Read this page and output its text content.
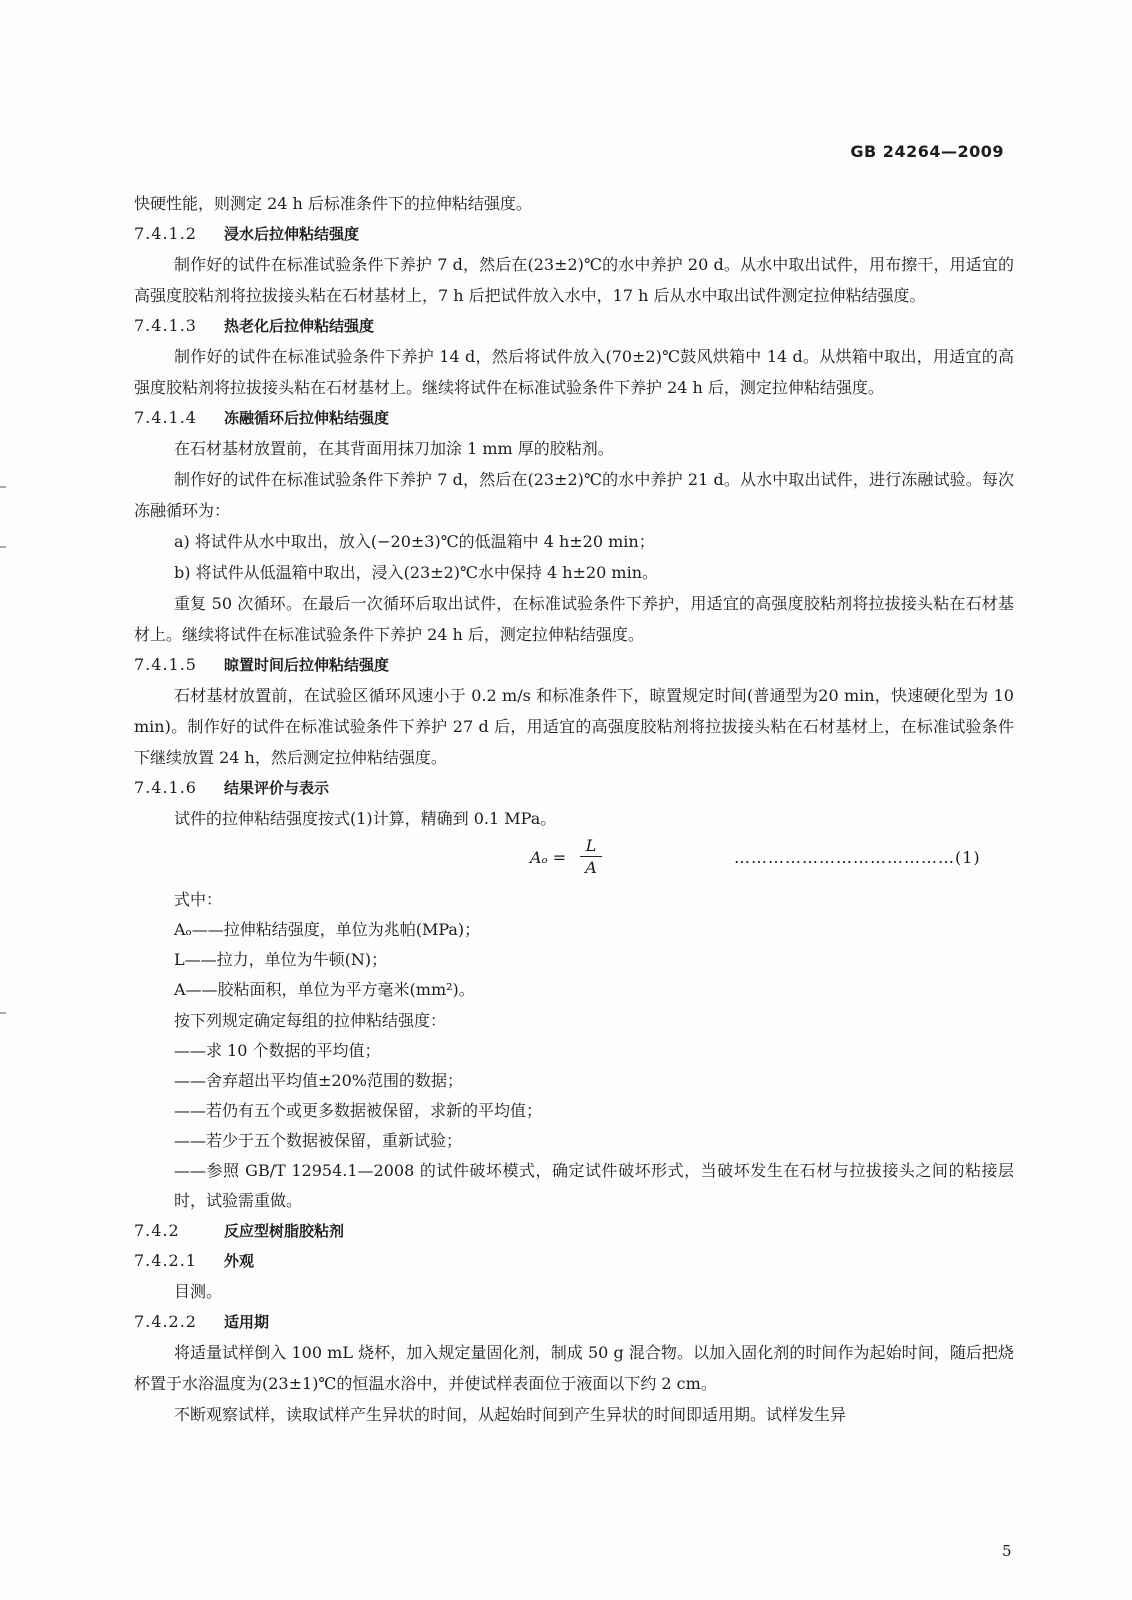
GB 24264—2009

快硬性能，则测定 24 h 后标准条件下的拉伸粘结强度。

7.4.1.2 浸水后拉伸粘结强度

制作好的试件在标准试验条件下养护 7 d，然后在(23±2)℃的水中养护 20 d。从水中取出试件，用布擦干，用适宜的高强度胶粘剂将拉拔接头粘在石材基材上，7 h 后把试件放入水中，17 h 后从水中取出试件测定拉伸粘结强度。

7.4.1.3 热老化后拉伸粘结强度

制作好的试件在标准试验条件下养护 14 d，然后将试件放入(70±2)℃鼓风烘箱中 14 d。从烘箱中取出，用适宜的高强度胶粘剂将拉拔接头粘在石材基材上。继续将试件在标准试验条件下养护 24 h 后，测定拉伸粘结强度。

7.4.1.4 冻融循环后拉伸粘结强度

在石材基材放置前，在其背面用抹刀加涂 1 mm 厚的胶粘剂。

制作好的试件在标准试验条件下养护 7 d，然后在(23±2)℃的水中养护 21 d。从水中取出试件，进行冻融试验。每次冻融循环为：

a) 将试件从水中取出，放入(−20±3)℃的低温箱中 4 h±20 min；

b) 将试件从低温箱中取出，浸入(23±2)℃水中保持 4 h±20 min。

重复 50 次循环。在最后一次循环后取出试件，在标准试验条件下养护，用适宜的高强度胶粘剂将拉拔接头粘在石材基材上。继续将试件在标准试验条件下养护 24 h 后，测定拉伸粘结强度。

7.4.1.5 晾置时间后拉伸粘结强度

石材基材放置前，在试验区循环风速小于 0.2 m/s 和标准条件下，晾置规定时间(普通型为20 min，快速硬化型为 10 min)。制作好的试件在标准试验条件下养护 27 d 后，用适宜的高强度胶粘剂将拉拔接头粘在石材基材上，在标准试验条件下继续放置 24 h，然后测定拉伸粘结强度。

7.4.1.6 结果评价与表示

试件的拉伸粘结强度按式(1)计算，精确到 0.1 MPa。

$A_o = \frac{L}{A}$	…………………………………(1)

式中：

Aₒ——拉伸粘结强度，单位为兆帕(MPa)；
L——拉力，单位为牛顿(N)；
A——胶粘面积，单位为平方毫米(mm²)。

按下列规定确定每组的拉伸粘结强度：

——求 10 个数据的平均值；
——舍弃超出平均值±20%范围的数据；
——若仍有五个或更多数据被保留，求新的平均值；
——若少于五个数据被保留，重新试验；
——参照 GB/T 12954.1—2008 的试件破坏模式，确定试件破坏形式，当破坏发生在石材与拉拔接头之间的粘接层时，试验需重做。
7.4.2	反应型树脂胶粘剂
7.4.2.1 外观

目测。

7.4.2.2 适用期

将适量试样倒入 100 mL 烧杯，加入规定量固化剂，制成 50 g 混合物。以加入固化剂的时间作为起始时间，随后把烧杯置于水浴温度为(23±1)℃的恒温水浴中，并使试样表面位于液面以下约 2 cm。

不断观察试样，读取试样产生异状的时间，从起始时间到产生异状的时间即适用期。试样发生异

5
